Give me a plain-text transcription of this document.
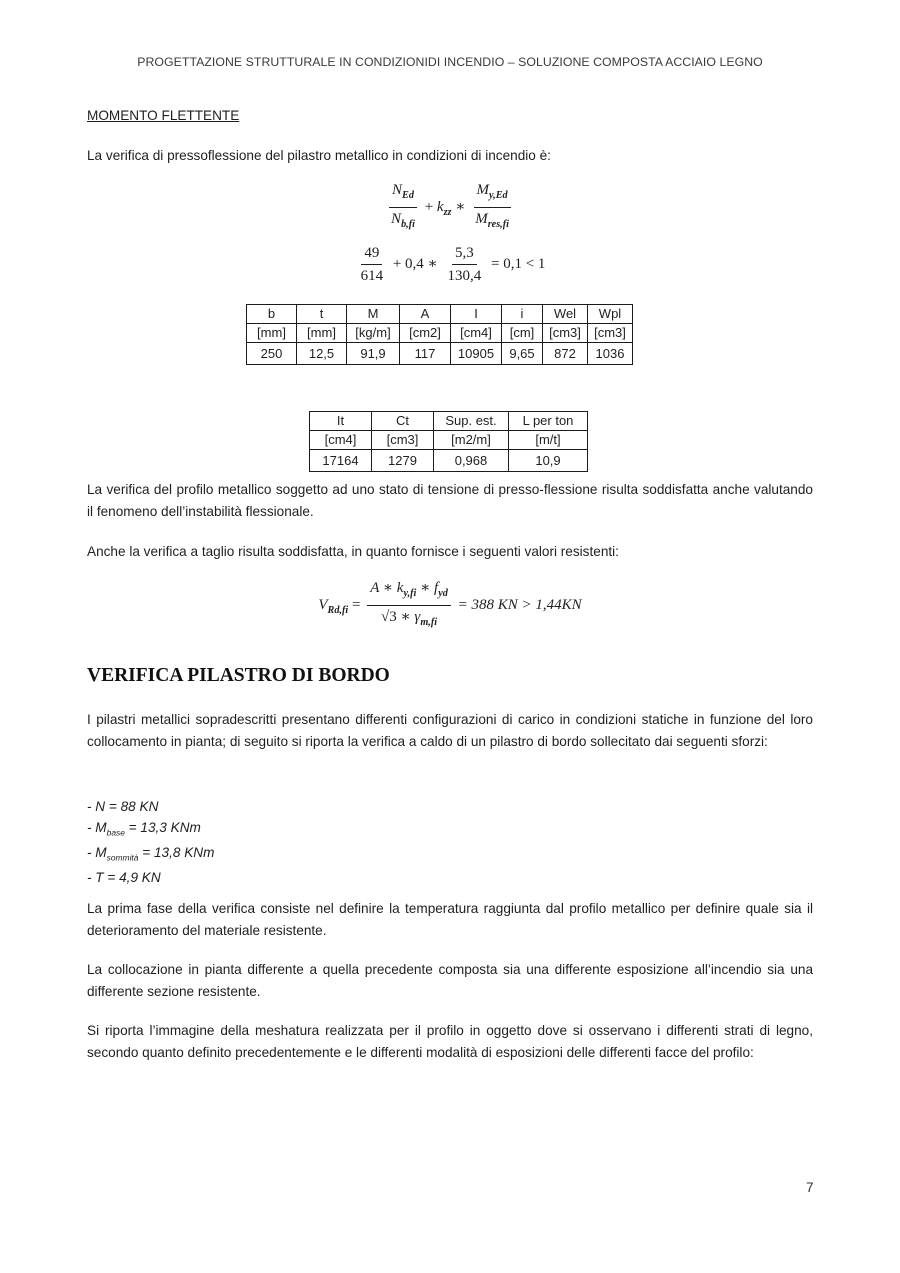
PROGETTAZIONE STRUTTURALE IN CONDIZIONIDI INCENDIO – SOLUZIONE COMPOSTA ACCIAIO LEGNO
MOMENTO FLETTENTE

La verifica di pressoflessione del pilastro metallico in condizioni di incendio è:

$\frac{N_{Ed}}{N_{b,fi}} + k_{zz}$ ∗ $\frac{M_{y,Ed}}{M_{res,fi}}$
$\frac{49}{614} + 0,4$ ∗ $\frac{5,3}{130,4} = 0,1 < 1$
b	t	M	A	I	i	Wel	Wpl
[mm]	[mm]	[kg/m]	[cm2]	[cm4]	[cm]	[cm3]	[cm3]
250	12,5	91,9	117	10905	9,65	872	1036
It	Ct	Sup. est.	L per ton
[cm4]	[cm3]	[m2/m]	[m/t]
17164	1279	0,968	10,9

La verifica del profilo metallico soggetto ad uno stato di tensione di presso-flessione risulta soddisfatta anche valutando il fenomeno dell’instabilità flessionale.

Anche la verifica a taglio risulta soddisfatta, in quanto fornisce i seguenti valori resistenti:

$V_{Rd,fi} = \frac{A ∗ k_{y,fi} ∗ f_{yd}}{√3 ∗ \gamma_{m,fi}} = 388$ KN > 1,44KN
VERIFICA PILASTRO DI BORDO

I pilastri metallici sopradescritti presentano differenti configurazioni di carico in condizioni statiche in funzione del loro collocamento in pianta; di seguito si riporta la verifica a caldo di un pilastro di bordo sollecitato dai seguenti sforzi:

- N = 88 KN
- $M_{base} = 13,3$ KNm
- $M_{sommità} = 13,8$ KNm
- T = 4,9 KN

La prima fase della verifica consiste nel definire la temperatura raggiunta dal profilo metallico per definire quale sia il deterioramento del materiale resistente.

La collocazione in pianta differente a quella precedente composta sia una differente esposizione all’incendio sia una differente sezione resistente.

Si riporta l’immagine della meshatura realizzata per il profilo in oggetto dove si osservano i differenti strati di legno, secondo quanto definito precedentemente e le differenti modalità di esposizioni delle differenti facce del profilo:

7
